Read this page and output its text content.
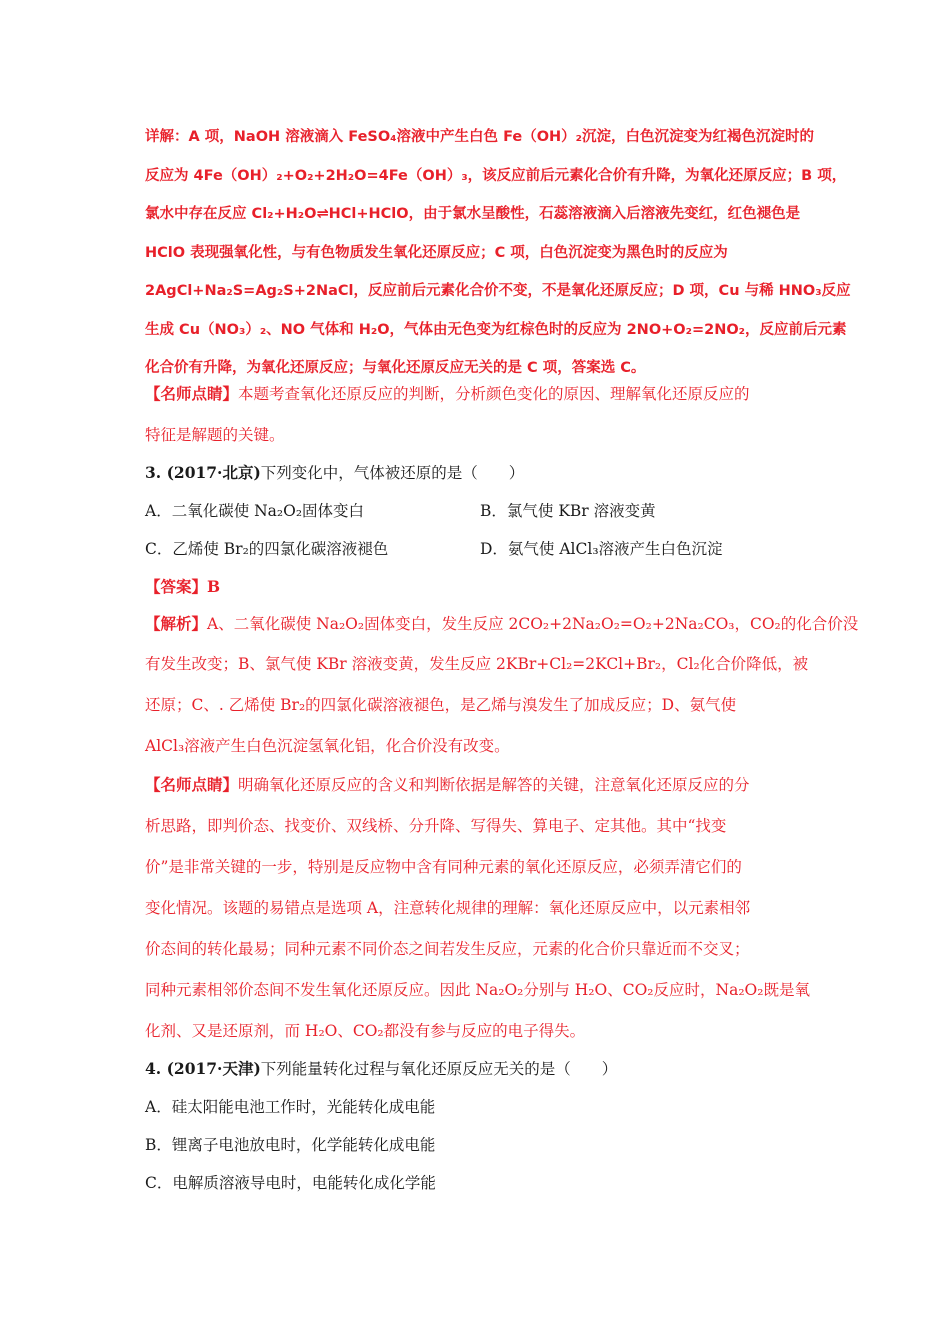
详解：A 项，NaOH 溶液滴入 FeSO₄溶液中产生白色 Fe（OH）₂沉淀，白色沉淀变为红褐色沉淀时的
反应为 4Fe（OH）₂+O₂+2H₂O=4Fe（OH）₃，该反应前后元素化合价有升降，为氧化还原反应；B 项，
氯水中存在反应 Cl₂+H₂O⇌HCl+HClO，由于氯水呈酸性，石蕊溶液滴入后溶液先变红，红色褪色是
HClO 表现强氧化性，与有色物质发生氧化还原反应；C 项，白色沉淀变为黑色时的反应为
2AgCl+Na₂S=Ag₂S+2NaCl，反应前后元素化合价不变，不是氧化还原反应；D 项，Cu 与稀 HNO₃反应
生成 Cu（NO₃）₂、NO 气体和 H₂O，气体由无色变为红棕色时的反应为 2NO+O₂=2NO₂，反应前后元素
化合价有升降，为氧化还原反应；与氧化还原反应无关的是 C 项，答案选 C。
【名师点睛】本题考查氧化还原反应的判断，分析颜色变化的原因、理解氧化还原反应的
特征是解题的关键。
3. (2017·北京)下列变化中，气体被还原的是（　　）
A．二氧化碳使 Na₂O₂固体变白	B．氯气使 KBr 溶液变黄
C．乙烯使 Br₂的四氯化碳溶液褪色	D．氨气使 AlCl₃溶液产生白色沉淀
【答案】B
【解析】A、二氧化碳使 Na₂O₂固体变白，发生反应 2CO₂+2Na₂O₂=O₂+2Na₂CO₃，CO₂的化合价没
有发生改变；B、氯气使 KBr 溶液变黄，发生反应 2KBr+Cl₂=2KCl+Br₂，Cl₂化合价降低，被
还原；C、. 乙烯使 Br₂的四氯化碳溶液褪色，是乙烯与溴发生了加成反应；D、氨气使
AlCl₃溶液产生白色沉淀氢氧化铝，化合价没有改变。
【名师点睛】明确氧化还原反应的含义和判断依据是解答的关键，注意氧化还原反应的分
析思路，即判价态、找变价、双线桥、分升降、写得失、算电子、定其他。其中“找变
价”是非常关键的一步，特别是反应物中含有同种元素的氧化还原反应，必须弄清它们的
变化情况。该题的易错点是选项 A，注意转化规律的理解：氧化还原反应中，以元素相邻
价态间的转化最易；同种元素不同价态之间若发生反应，元素的化合价只靠近而不交叉；
同种元素相邻价态间不发生氧化还原反应。因此 Na₂O₂分别与 H₂O、CO₂反应时，Na₂O₂既是氧
化剂、又是还原剂，而 H₂O、CO₂都没有参与反应的电子得失。
4. (2017·天津)下列能量转化过程与氧化还原反应无关的是（　　）
A．硅太阳能电池工作时，光能转化成电能
B．锂离子电池放电时，化学能转化成电能
C．电解质溶液导电时，电能转化成化学能
